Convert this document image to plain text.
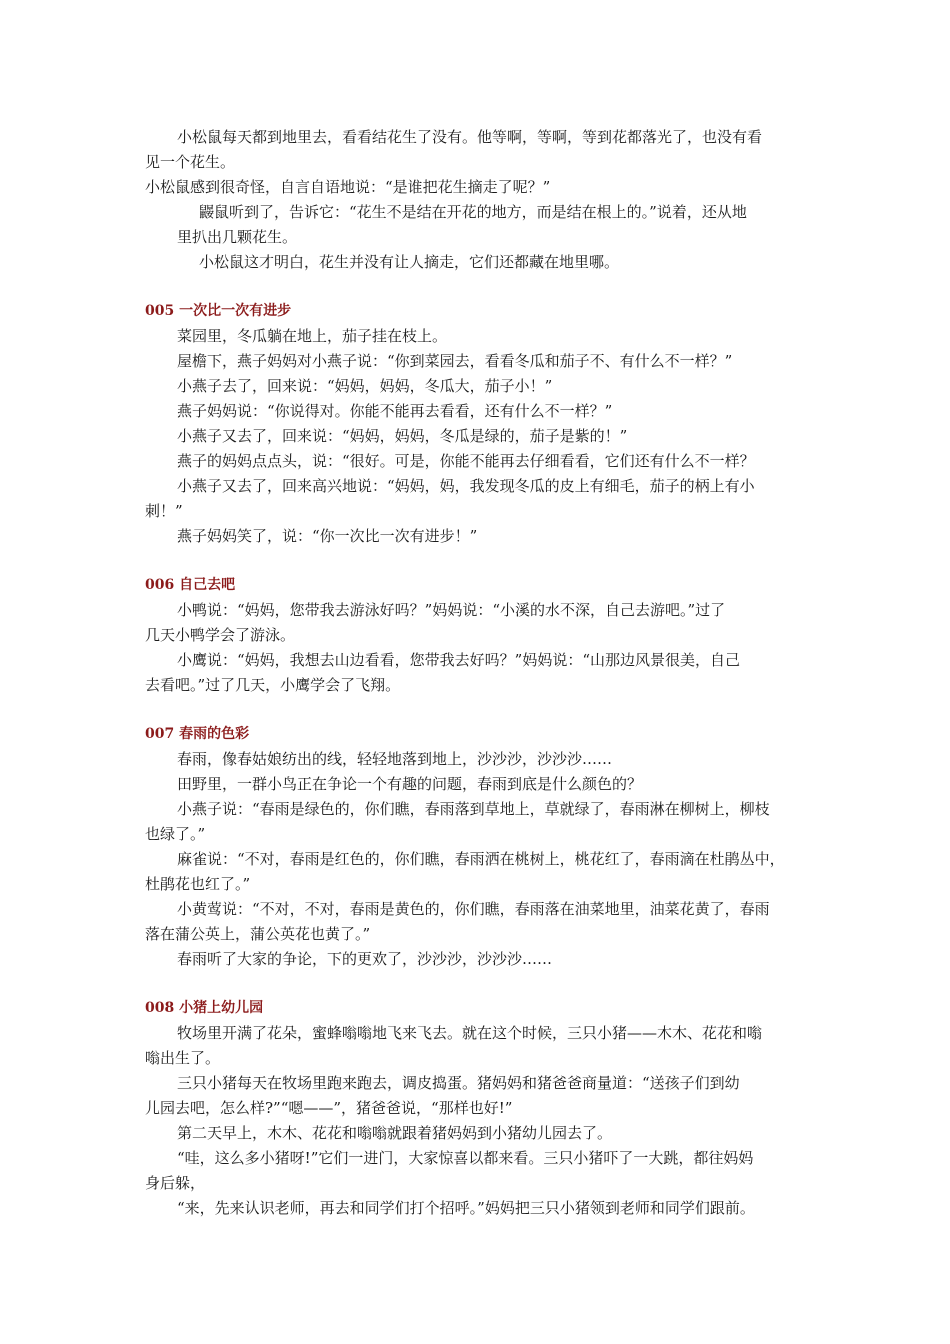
小松鼠每天都到地里去，看看结花生了没有。他等啊，等啊，等到花都落光了，也没有看
见一个花生。
小松鼠感到很奇怪，自言自语地说：“是谁把花生摘走了呢？”
鼹鼠听到了，告诉它：“花生不是结在开花的地方，而是结在根上的。”说着，还从地
里扒出几颗花生。
小松鼠这才明白，花生并没有让人摘走，它们还都藏在地里哪。
005 一次比一次有进步
菜园里，冬瓜躺在地上，茄子挂在枝上。
屋檐下，燕子妈妈对小燕子说：“你到菜园去，看看冬瓜和茄子不、有什么不一样？”
小燕子去了，回来说：“妈妈，妈妈，冬瓜大，茄子小！”
燕子妈妈说：“你说得对。你能不能再去看看，还有什么不一样？”
小燕子又去了，回来说：“妈妈，妈妈，冬瓜是绿的，茄子是紫的！”
燕子的妈妈点点头，说：“很好。可是，你能不能再去仔细看看，它们还有什么不一样？
小燕子又去了，回来高兴地说：“妈妈，妈，我发现冬瓜的皮上有细毛，茄子的柄上有小
刺！”
燕子妈妈笑了，说：“你一次比一次有进步！”
006 自己去吧
小鸭说：“妈妈，您带我去游泳好吗？”妈妈说：“小溪的水不深，自己去游吧。”过了
几天小鸭学会了游泳。
小鹰说：“妈妈，我想去山边看看，您带我去好吗？”妈妈说：“山那边风景很美，自己
去看吧。”过了几天，小鹰学会了飞翔。
007 春雨的色彩
春雨，像春姑娘纺出的线，轻轻地落到地上，沙沙沙，沙沙沙……
田野里，一群小鸟正在争论一个有趣的问题，春雨到底是什么颜色的？
小燕子说：“春雨是绿色的，你们瞧，春雨落到草地上，草就绿了，春雨淋在柳树上，柳枝
也绿了。”
麻雀说：“不对，春雨是红色的，你们瞧，春雨洒在桃树上，桃花红了，春雨滴在杜鹃丛中，
杜鹃花也红了。”
小黄莺说：“不对，不对，春雨是黄色的，你们瞧，春雨落在油菜地里，油菜花黄了，春雨
落在蒲公英上，蒲公英花也黄了。”
春雨听了大家的争论，下的更欢了，沙沙沙，沙沙沙……
008 小猪上幼儿园
牧场里开满了花朵，蜜蜂嗡嗡地飞来飞去。就在这个时候，三只小猪——木木、花花和嗡
嗡出生了。
三只小猪每天在牧场里跑来跑去，调皮捣蛋。猪妈妈和猪爸爸商量道：“送孩子们到幼
儿园去吧，怎么样?”“嗯——”，猪爸爸说，“那样也好!”
第二天早上，木木、花花和嗡嗡就跟着猪妈妈到小猪幼儿园去了。
“哇，这么多小猪呀!”它们一进门，大家惊喜以都来看。三只小猪吓了一大跳，都往妈妈
身后躲，
“来，先来认识老师，再去和同学们打个招呼。”妈妈把三只小猪领到老师和同学们跟前。
